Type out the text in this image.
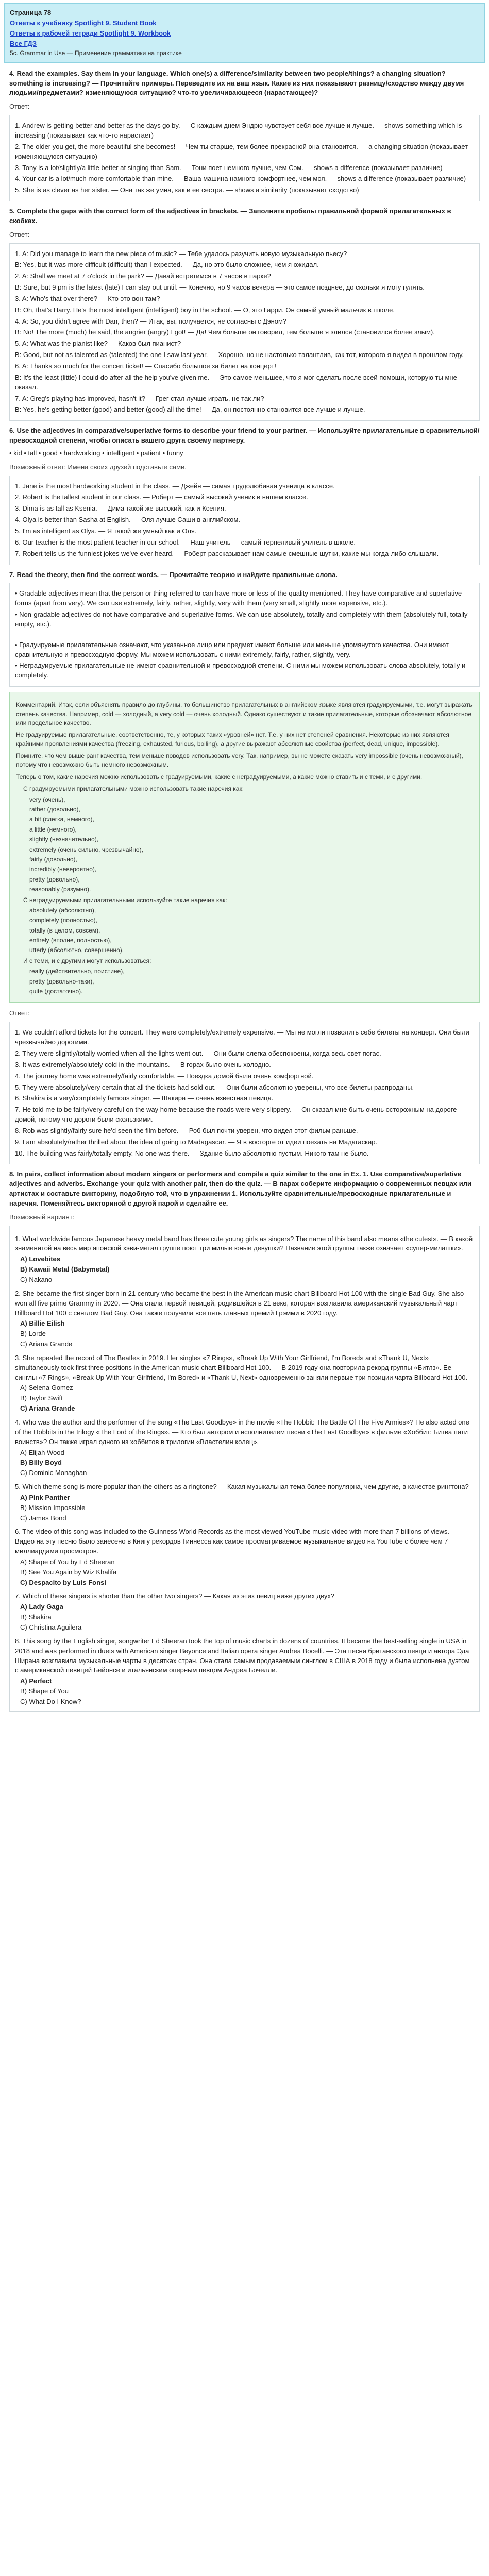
Страница 78
Ответы к учебнику Spotlight 9. Student Book
Ответы к рабочей тетради Spotlight 9. Workbook
Все ГДЗ
5c. Grammar in Use — Применение грамматики на практике
4. Read the examples. Say them in your language. Which one(s) a difference/similarity between two people/things? a changing situation? something is increasing? — Прочитайте примеры. Переведите их на ваш язык. Какие из них показывают разницу/сходство между двумя людьми/предметами? изменяющуюся ситуацию? что-то увеличивающееся (нарастающее)?
Ответ:
1. Andrew is getting better and better as the days go by. — С каждым днем Эндрю чувствует себя все лучше и лучше. — shows something which is increasing (показывает как что-то нарастает)
2. The older you get, the more beautiful she becomes! — Чем ты старше, тем более прекрасной она становится. — a changing situation (показывает изменяющуюся ситуацию)
3. Tony is a lot/slightly/a little better at singing than Sam. — Тони поет немного лучше, чем Сэм. — shows a difference (показывает различие)
4. Your car is a lot/much more comfortable than mine. — Ваша машина намного комфортнее, чем моя. — shows a difference (показывает различие)
5. She is as clever as her sister. — Она так же умна, как и ее сестра. — shows a similarity (показывает сходство)
5. Complete the gaps with the correct form of the adjectives in brackets. — Заполните пробелы правильной формой прилагательных в скобках.
Ответ:
1. A: Did you manage to learn the new piece of music? — Тебе удалось разучить новую музыкальную пьесу?
B: Yes, but it was more difficult (difficult) than I expected. — Да, но это было сложнее, чем я ожидал.
2. A: Shall we meet at 7 o'clock in the park? — Давай встретимся в 7 часов в парке?
B: Sure, but 9 pm is the latest (late) I can stay out until. — Конечно, но 9 часов вечера — это самое позднее, до скольки я могу гулять.
3. A: Who's that over there? — Кто это вон там?
B: Oh, that's Harry. He's the most intelligent (intelligent) boy in the school. — О, это Гарри. Он самый умный мальчик в школе.
4. A: So, you didn't agree with Dan, then? — Итак, вы, получается, не согласны с Дэном?
B: No! The more (much) he said, the angrier (angry) I got! — Да! Чем больше он говорил, тем больше я злился (становился более злым).
5. A: What was the pianist like? — Каков был пианист?
B: Good, but not as talented as (talented) the one I saw last year. — Хорошо, но не настолько талантлив, как тот, которого я видел в прошлом году.
6. A: Thanks so much for the concert ticket! — Спасибо большое за билет на концерт!
B: It's the least (little) I could do after all the help you've given me. — Это самое меньшее, что я мог сделать после всей помощи, которую ты мне оказал.
7. A: Greg's playing has improved, hasn't it? — Грег стал лучше играть, не так ли?
B: Yes, he's getting better (good) and better (good) all the time! — Да, он постоянно становится все лучше и лучше.
6. Use the adjectives in comparative/superlative forms to describe your friend to your partner. — Используйте прилагательные в сравнительной/превосходной степени, чтобы описать вашего друга своему партнеру.
• kid • tall • good • hardworking • intelligent • patient • funny
Возможный ответ: Имена своих друзей подставьте сами.
1. Jane is the most hardworking student in the class. — Джейн — самая трудолюбивая ученица в классе.
2. Robert is the tallest student in our class. — Роберт — самый высокий ученик в нашем классе.
3. Dima is as tall as Ksenia. — Дима такой же высокий, как и Ксения.
4. Olya is better than Sasha at English. — Оля лучше Саши в английском.
5. I'm as intelligent as Olya. — Я такой же умный как и Оля.
6. Our teacher is the most patient teacher in our school. — Наш учитель — самый терпеливый учитель в школе.
7. Robert tells us the funniest jokes we've ever heard. — Роберт рассказывает нам самые смешные шутки, какие мы когда-либо слышали.
7. Read the theory, then find the correct words. — Прочитайте теорию и найдите правильные слова.
• Gradable adjectives mean that the person or thing referred to can have more or less of the quality mentioned. They have comparative and superlative forms (apart from very). We can use extremely, fairly, rather, slightly, very with them (very small, slightly more expensive, etc.).
• Non-gradable adjectives do not have comparative and superlative forms. We can use absolutely, totally and completely with them (absolutely full, totally empty, etc.).
• Градуируемые прилагательные означают, что указанное лицо или предмет имеют больше или меньше упомянутого качества. Они имеют сравнительную и превосходную форму. Мы можем использовать с ними extremely, fairly, rather, slightly, very.
• Неградуируемые прилагательные не имеют сравнительной и превосходной степени. С ними мы можем использовать слова absolutely, totally и completely.

Комментарий. Итак, если объяснять правило до глубины, то большинство прилагательных в английском языке являются градуируемыми, т.е. могут выражать степень качества. Например, cold — холодный, a very cold — очень холодный. Однако существуют и такие прилагательные, которые обозначают абсолютное или предельное качество.

Не градуируемые прилагательные, соответственно, те, у которых таких «уровней» нет. Т.е. у них нет степеней сравнения. Некоторые из них являются крайними проявлениями качества (freezing, exhausted, furious, boiling), а другие выражают абсолютные свойства (perfect, dead, unique, impossible).

Помните, что чем выше ранг качества, тем меньше поводов использовать very. Так, например, вы не можете сказать very impossible (очень невозможный), потому что невозможно быть немного невозможным.

Теперь о том, какие наречия можно использовать с градуируемыми, какие с неградуируемыми, а какие можно ставить и с теми, и с другими.

С градуируемыми прилагательными можно использовать такие наречия как:
very (очень),
rather (довольно),
a bit (слегка, немного),
a little (немного),
slightly (незначительно),
extremely (очень сильно, чрезвычайно),
fairly (довольно),
incredibly (невероятно),
pretty (довольно),
reasonably (разумно).
С неградуируемыми прилагательными используйте такие наречия как:
absolutely (абсолютно),
completely (полностью),
totally (в целом, совсем),
entirely (вполне, полностью),
utterly (абсолютно, совершенно).
И с теми, и с другими могут использоваться:
really (действительно, поистине),
pretty (довольно-таки),
quite (достаточно).
Ответ:
1. We couldn't afford tickets for the concert. They were completely/extremely expensive. — Мы не могли позволить себе билеты на концерт. Они были чрезвычайно дорогими.
2. They were slightly/totally worried when all the lights went out. — Они были слегка обеспокоены, когда весь свет погас.
3. It was extremely/absolutely cold in the mountains. — В горах было очень холодно.
4. The journey home was extremely/fairly comfortable. — Поездка домой была очень комфортной.
5. They were absolutely/very certain that all the tickets had sold out. — Они были абсолютно уверены, что все билеты распроданы.
6. Shakira is a very/completely famous singer. — Шакира — очень известная певица.
7. He told me to be fairly/very careful on the way home because the roads were very slippery. — Он сказал мне быть очень осторожным на дороге домой, потому что дороги были скользкими.
8. Rob was slightly/fairly sure he'd seen the film before. — Роб был почти уверен, что видел этот фильм раньше.
9. I am absolutely/rather thrilled about the idea of going to Madagascar. — Я в восторге от идеи поехать на Мадагаскар.
10. The building was fairly/totally empty. No one was there. — Здание было абсолютно пустым. Никого там не было.
8. In pairs, collect information about modern singers or performers and compile a quiz similar to the one in Ex. 1. Use comparative/superlative adjectives and adverbs. Exchange your quiz with another pair, then do the quiz. — В парах соберите информацию о современных певцах или артистах и составьте викторину, подобную той, что в упражнении 1. Используйте сравнительные/превосходные прилагательные и наречия. Поменяйтесь викториной с другой парой и сделайте ее.
Возможный вариант:
1. What worldwide famous Japanese heavy metal band has three cute young girls as singers? The name of this band also means «the cutest». — В какой знаменитой на весь мир японской хэви-метал группе поют три милые юные девушки? Название этой группы также означает «супер-милашки».
A) Lovebites
B) Kawaii Metal (Babymetal)
C) Nakano
2. She became the first singer born in 21 century who became the best in the American music chart Billboard Hot 100 with the single Bad Guy. She also won all five prime Grammy in 2020. — Она стала первой певицей, родившейся в 21 веке, которая возглавила американский музыкальный чарт Billboard Hot 100 с синглом Bad Guy. Она также получила все пять главных премий Грэмми в 2020 году.
A) Billie Eilish
B) Lorde
C) Ariana Grande
3. She repeated the record of The Beatles in 2019. Her singles «7 Rings», «Break Up With Your Girlfriend, I'm Bored» and «Thank U, Next» simultaneously took first three positions in the American music chart Billboard Hot 100. — В 2019 году она повторила рекорд группы «Битлз». Ее синглы «7 Rings», «Break Up With Your Girlfriend, I'm Bored» и «Thank U, Next» одновременно заняли первые три позиции чарта Billboard Hot 100.
A) Selena Gomez
B) Taylor Swift
C) Ariana Grande
4. Who was the author and the performer of the song «The Last Goodbye» in the movie «The Hobbit: The Battle Of The Five Armies»? He also acted one of the Hobbits in the trilogy «The Lord of the Rings». — Кто был автором и исполнителем песни «The Last Goodbye» в фильме «Хоббит: Битва пяти воинств»? Он также играл одного из хоббитов в трилогии «Властелин колец».
A) Elijah Wood
B) Billy Boyd
C) Dominic Monaghan
5. Which theme song is more popular than the others as a ringtone? — Какая музыкальная тема более популярна, чем другие, в качестве рингтона?
A) Pink Panther
B) Mission Impossible
C) James Bond
6. The video of this song was included to the Guinness World Records as the most viewed YouTube music video with more than 7 billions of views. — Видео на эту песню было занесено в Книгу рекордов Гиннесса как самое просматриваемое музыкальное видео на YouTube с более чем 7 миллиардами просмотров.
A) Shape of You by Ed Sheeran
B) See You Again by Wiz Khalifa
C) Despacito by Luis Fonsi
7. Which of these singers is shorter than the other two singers? — Какая из этих певиц ниже других двух?
A) Lady Gaga
B) Shakira
C) Christina Aguilera
8. This song by the English singer, songwriter Ed Sheeran took the top of music charts in dozens of countries. It became the best-selling single in USA in 2018 and was performed in duets with American singer Beyonce and Italian opera singer Andrea Bocelli. — Эта песня британского певца и автора Эда Ширана возглавила музыкальные чарты в десятках стран. Она стала самым продаваемым синглом в США в 2018 году и была исполнена дуэтом с американской певицей Бейонсе и итальянским оперным певцом Андреа Бочелли.
A) Perfect
B) Shape of You
C) What Do I Know?
